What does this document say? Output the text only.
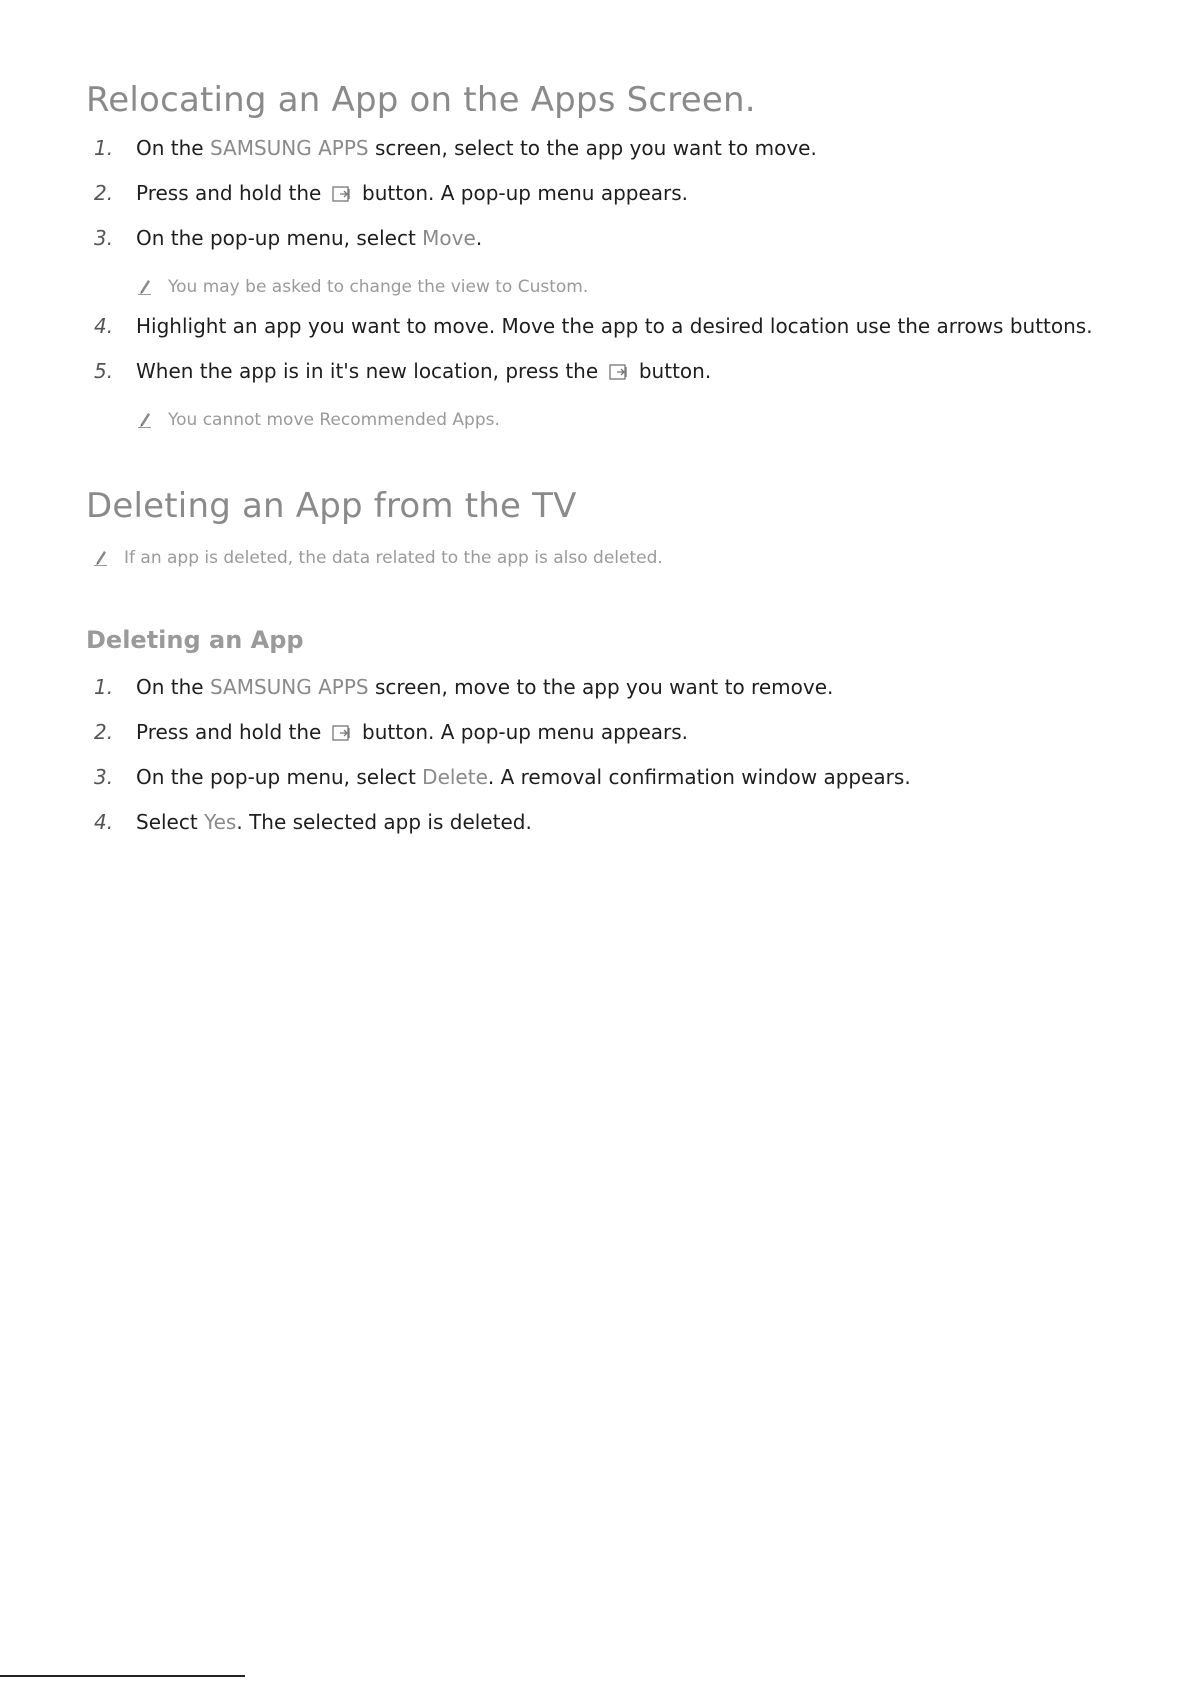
Relocating an App on the Apps Screen.
1. On the SAMSUNG APPS screen, select to the app you want to move.
2. Press and hold the  button. A pop-up menu appears.
3. On the pop-up menu, select Move.
You may be asked to change the view to Custom.
4. Highlight an app you want to move. Move the app to a desired location use the arrows buttons.
5. When the app is in it's new location, press the  button.
You cannot move Recommended Apps.
Deleting an App from the TV
If an app is deleted, the data related to the app is also deleted.
Deleting an App
1. On the SAMSUNG APPS screen, move to the app you want to remove.
2. Press and hold the  button. A pop-up menu appears.
3. On the pop-up menu, select Delete. A removal confirmation window appears.
4. Select Yes. The selected app is deleted.
